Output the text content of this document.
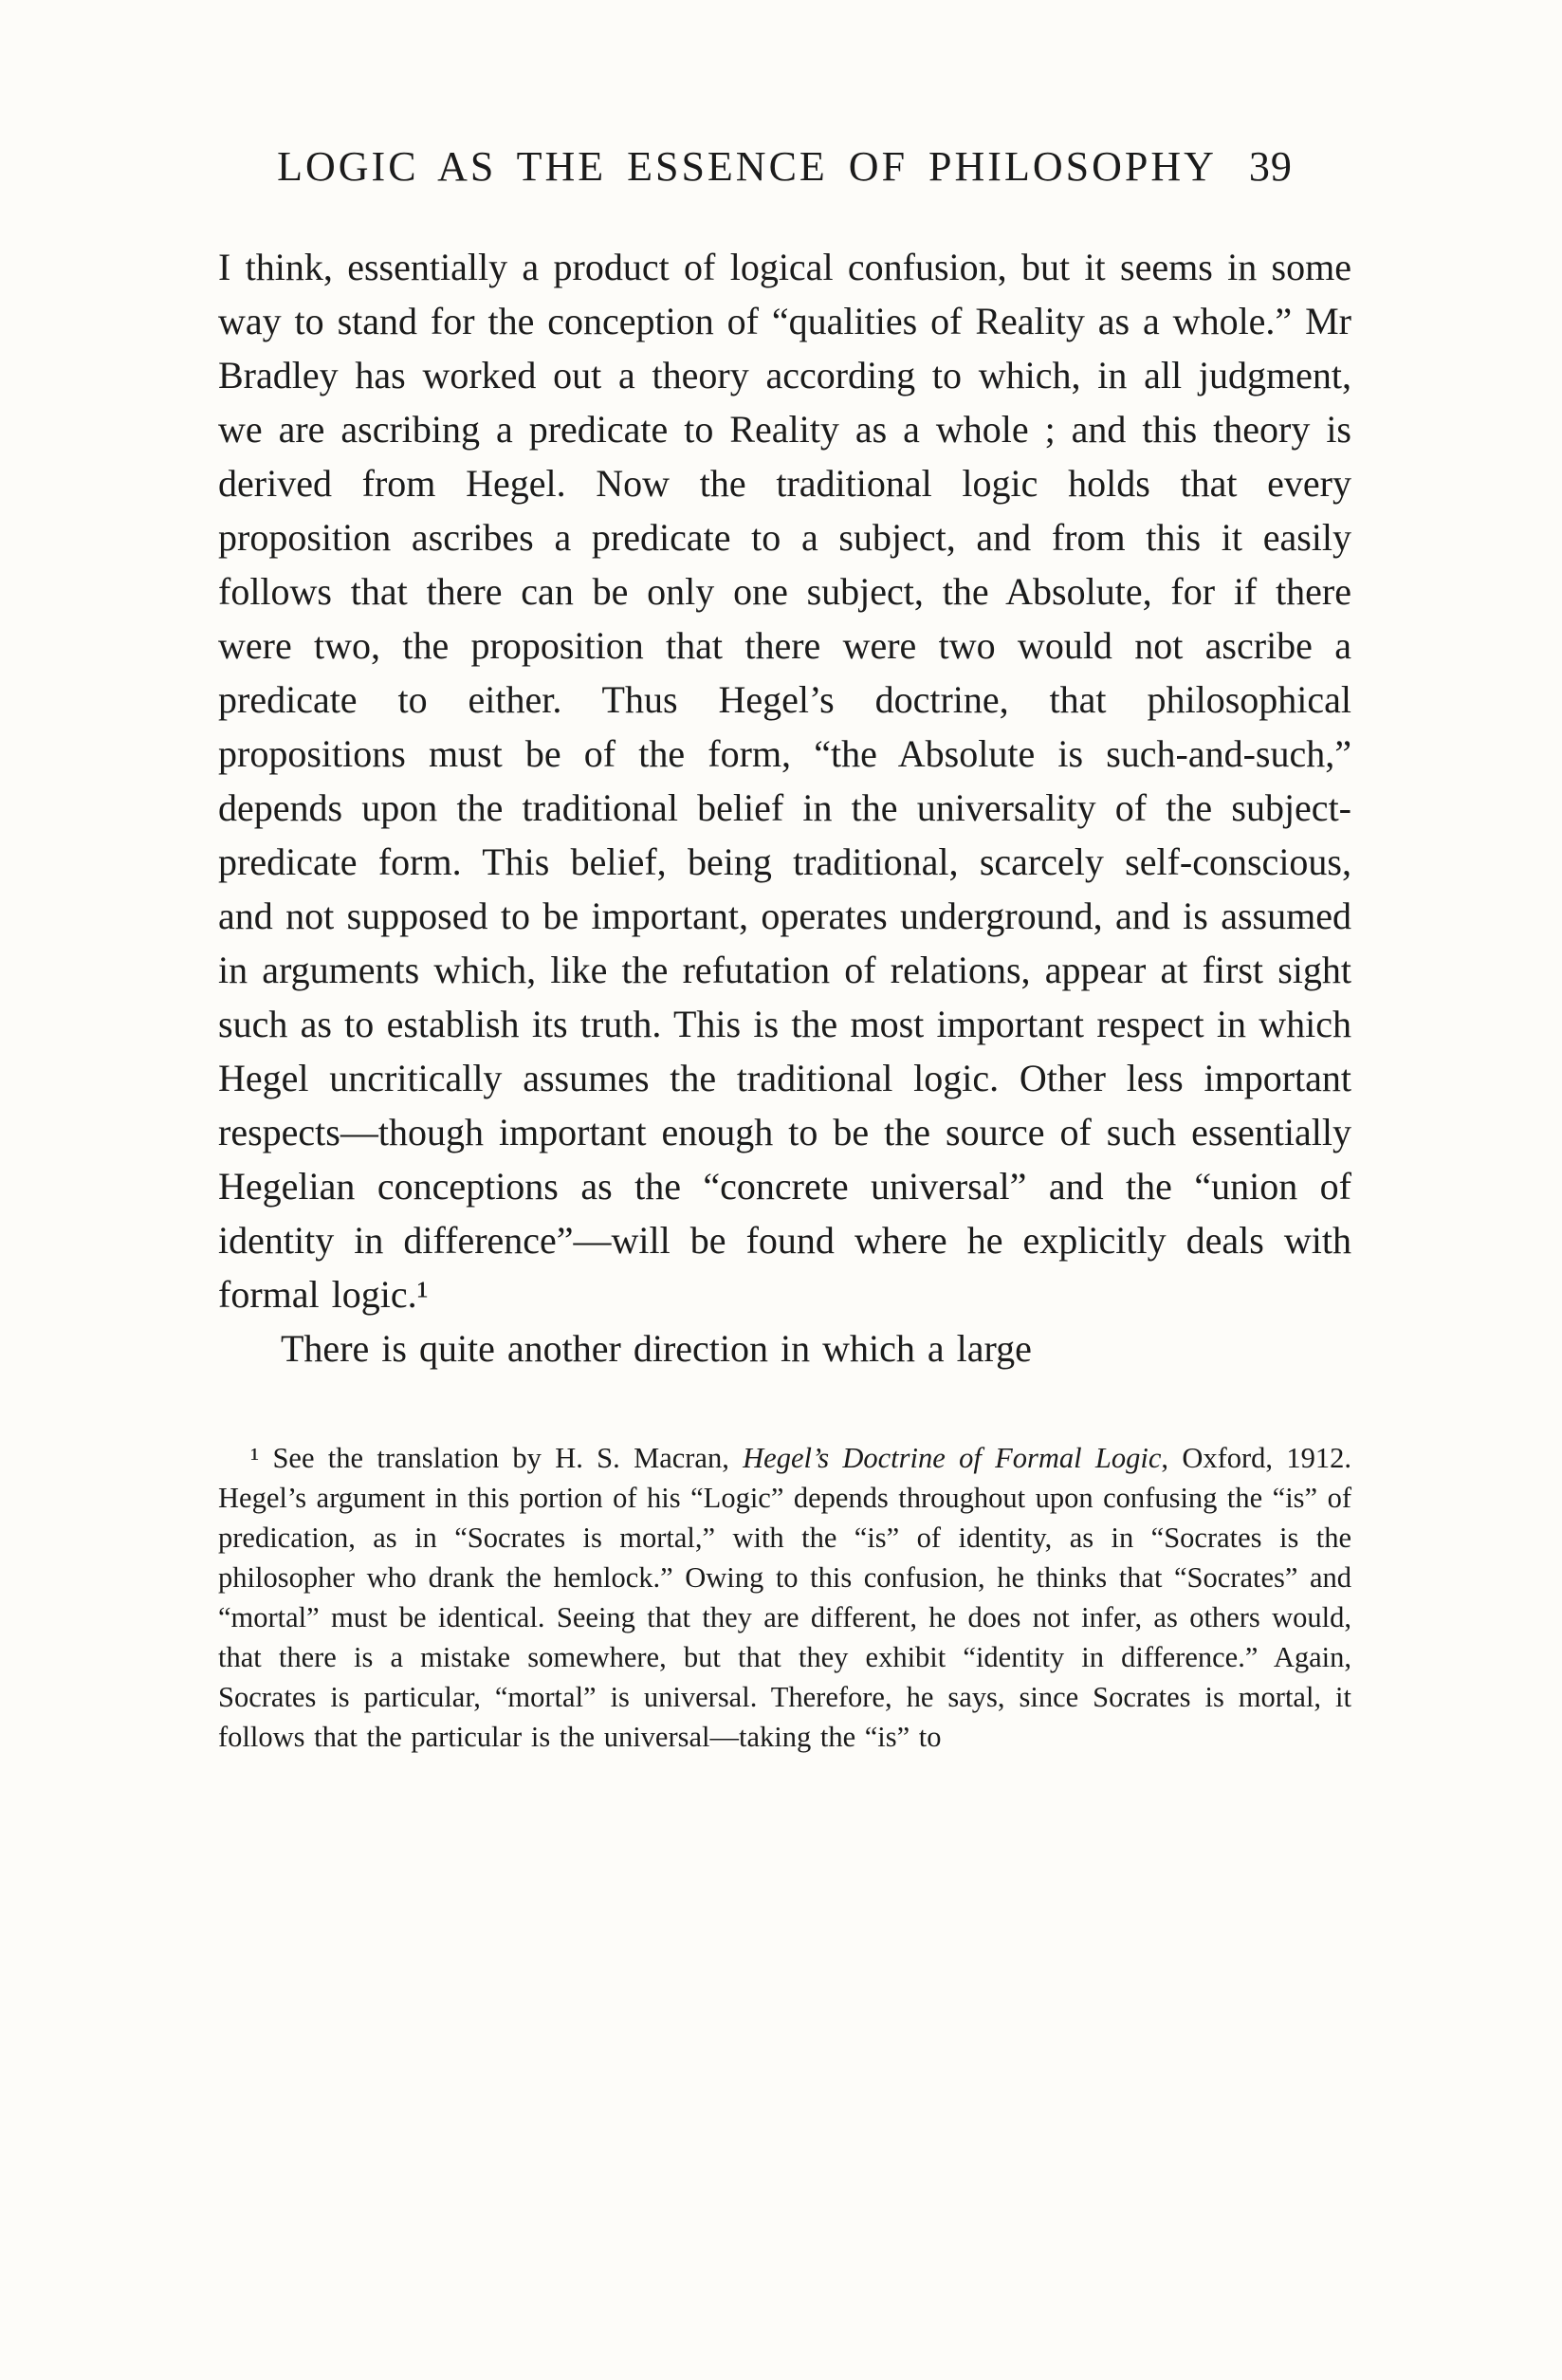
LOGIC AS THE ESSENCE OF PHILOSOPHY 39

I think, essentially a product of logical confusion, but it seems in some way to stand for the conception of “qualities of Reality as a whole.” Mr Bradley has worked out a theory according to which, in all judgment, we are ascribing a predicate to Reality as a whole ; and this theory is derived from Hegel. Now the traditional logic holds that every proposition ascribes a predicate to a subject, and from this it easily follows that there can be only one subject, the Absolute, for if there were two, the proposition that there were two would not ascribe a predicate to either. Thus Hegel’s doctrine, that philosophical propositions must be of the form, “the Absolute is such-and-such,” depends upon the traditional belief in the universality of the subject-predicate form. This belief, being traditional, scarcely self-conscious, and not supposed to be important, operates underground, and is assumed in arguments which, like the refutation of relations, appear at first sight such as to establish its truth. This is the most important respect in which Hegel uncritically assumes the traditional logic. Other less important respects—though important enough to be the source of such essentially Hegelian conceptions as the “concrete universal” and the “union of identity in difference”—will be found where he explicitly deals with formal logic.¹

There is quite another direction in which a large

¹ See the translation by H. S. Macran, Hegel’s Doctrine of Formal Logic, Oxford, 1912. Hegel’s argument in this portion of his “Logic” depends throughout upon confusing the “is” of predication, as in “Socrates is mortal,” with the “is” of identity, as in “Socrates is the philosopher who drank the hemlock.” Owing to this confusion, he thinks that “Socrates” and “mortal” must be identical. Seeing that they are different, he does not infer, as others would, that there is a mistake somewhere, but that they exhibit “identity in difference.” Again, Socrates is particular, “mortal” is universal. Therefore, he says, since Socrates is mortal, it follows that the particular is the universal—taking the “is” to
